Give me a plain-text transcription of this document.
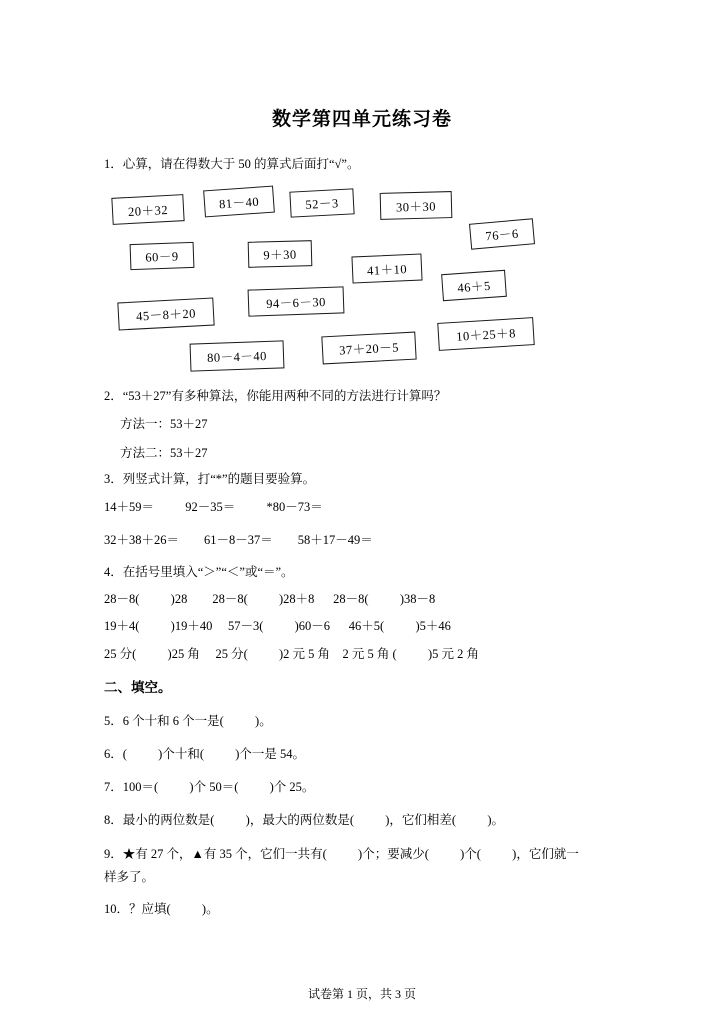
数学第四单元练习卷
1．心算，请在得数大于 50 的算式后面打“√”。
20＋32	81－40	52－3	30＋30
76－6
60－9	9＋30
41＋10
46＋5
94－6－30
45－8＋20
10＋25＋8
80－4－40	37＋20－5
2．“53＋27”有多种算法，你能用两种不同的方法进行计算吗？
方法一：53＋27
方法二：53＋27
3．列竖式计算，打“*”的题目要验算。
14＋59＝          92－35＝          *80－73＝
32＋38＋26＝        61－8－37＝        58＋17－49＝
4．在括号里填入“＞”“＜”或“＝”。
28－8(          )28        28－8(          )28＋8      28－8(          )38－8
19＋4(          )19＋40     57－3(          )60－6      46＋5(          )5＋46
25 分(          )25 角     25 分(          )2 元 5 角    2 元 5 角 (          )5 元 2 角
二、填空。
5．6 个十和 6 个一是(          )。
6．(          )个十和(          )个一是 54。
7．100＝(          )个 50＝(          )个 25。
8．最小的两位数是(          )，最大的两位数是(          )，它们相差(          )。
9．★有 27 个，▲有 35 个，它们一共有(          )个；要减少(          )个(          )，它们就一
样多了。
10．？应填(          )。
试卷第 1 页，共 3 页
